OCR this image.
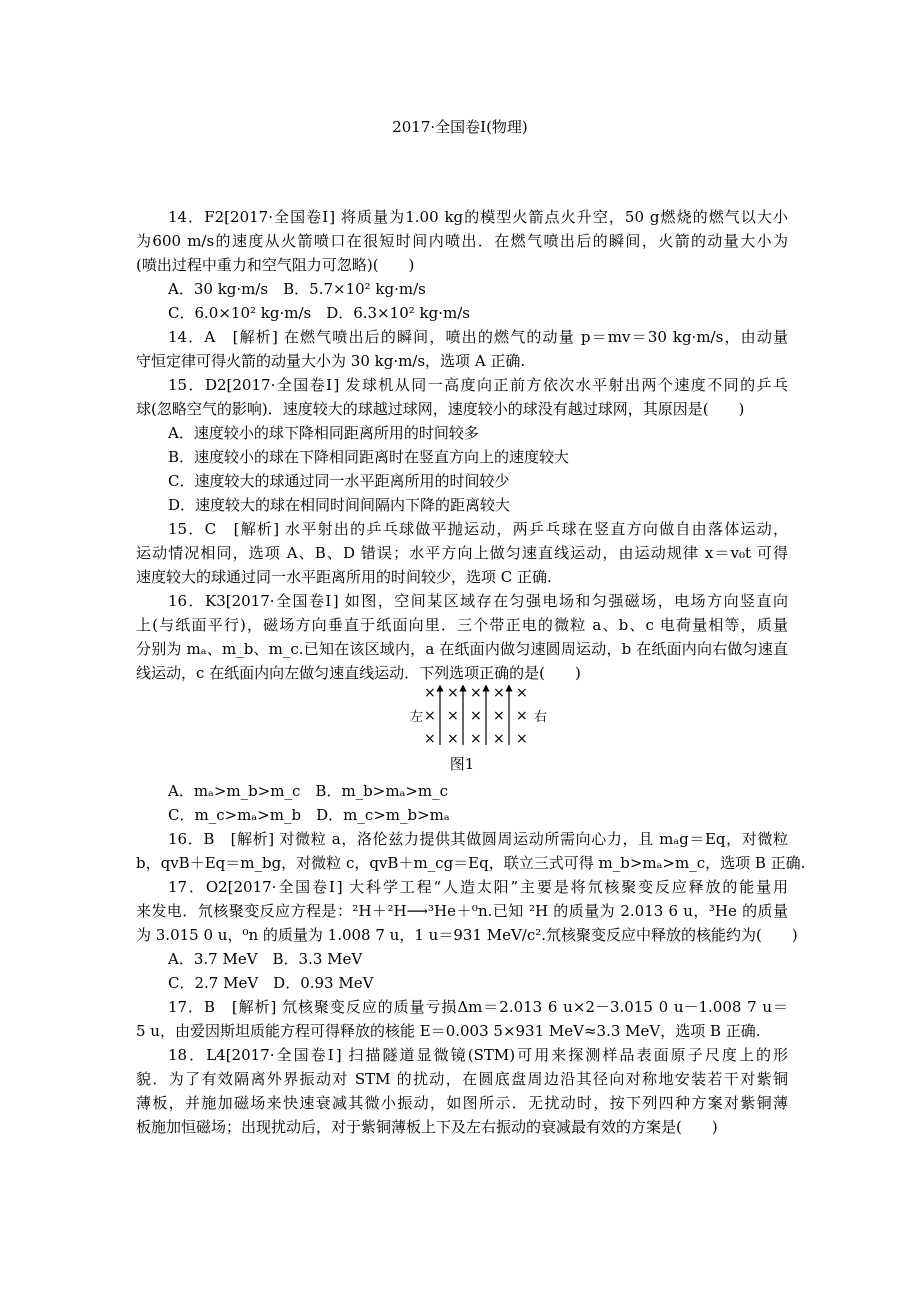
2017·全国卷Ⅰ(物理)
14．F2[2017·全国卷Ⅰ] 将质量为1.00 kg的模型火箭点火升空，50 g燃烧的燃气以大小
为600 m/s的速度从火箭喷口在很短时间内喷出．在燃气喷出后的瞬间，火箭的动量大小为
(喷出过程中重力和空气阻力可忽略)(　　)
A．30 kg·m/s　B．5.7×10² kg·m/s
C．6.0×10² kg·m/s　D．6.3×10² kg·m/s
14．A　[解析] 在燃气喷出后的瞬间，喷出的燃气的动量 p＝mv＝30 kg·m/s，由动量
守恒定律可得火箭的动量大小为 30 kg·m/s，选项 A 正确.
15．D2[2017·全国卷Ⅰ] 发球机从同一高度向正前方依次水平射出两个速度不同的乒乓
球(忽略空气的影响)．速度较大的球越过球网，速度较小的球没有越过球网，其原因是(　　)
A．速度较小的球下降相同距离所用的时间较多
B．速度较小的球在下降相同距离时在竖直方向上的速度较大
C．速度较大的球通过同一水平距离所用的时间较少
D．速度较大的球在相同时间间隔内下降的距离较大
15．C　[解析] 水平射出的乒乓球做平抛运动，两乒乓球在竖直方向做自由落体运动，
运动情况相同，选项 A、B、D 错误；水平方向上做匀速直线运动，由运动规律 x＝v₀t 可得
速度较大的球通过同一水平距离所用的时间较少，选项 C 正确.
16．K3[2017·全国卷Ⅰ] 如图，空间某区域存在匀强电场和匀强磁场，电场方向竖直向
上(与纸面平行)，磁场方向垂直于纸面向里．三个带正电的微粒 a、b、c 电荷量相等，质量
分别为 mₐ、m_b、m_c.已知在该区域内，a 在纸面内做匀速圆周运动，b 在纸面内向右做匀速直
线运动，c 在纸面内向左做匀速直线运动．下列选项正确的是(　　)
× × × × ×
× × × × ×
× × × × ×
左	右
图1
A．mₐ>m_b>m_c　B．m_b>mₐ>m_c
C．m_c>mₐ>m_b　D．m_c>m_b>mₐ
16．B　[解析] 对微粒 a，洛伦兹力提供其做圆周运动所需向心力，且 mₐg＝Eq，对微粒
b，qvB＋Eq＝m_bg，对微粒 c，qvB＋m_cg＝Eq，联立三式可得 m_b>mₐ>m_c，选项 B 正确.
17．O2[2017·全国卷Ⅰ] 大科学工程“人造太阳”主要是将氘核聚变反应释放的能量用
来发电．氘核聚变反应方程是：²H＋²H⟶³He＋⁰n.已知 ²H 的质量为 2.013 6 u，³He 的质量
为 3.015 0 u，⁰n 的质量为 1.008 7 u，1 u＝931 MeV/c².氘核聚变反应中释放的核能约为(　　)
A．3.7 MeV　B．3.3 MeV
C．2.7 MeV　D．0.93 MeV
17．B　[解析] 氘核聚变反应的质量亏损Δm＝2.013 6 u×2－3.015 0 u－1.008 7 u＝
5 u，由爱因斯坦质能方程可得释放的核能 E＝0.003 5×931 MeV≈3.3 MeV，选项 B 正确.
18．L4[2017·全国卷Ⅰ] 扫描隧道显微镜(STM)可用来探测样品表面原子尺度上的形
貌．为了有效隔离外界振动对 STM 的扰动，在圆底盘周边沿其径向对称地安装若干对紫铜
薄板，并施加磁场来快速衰减其微小振动，如图所示．无扰动时，按下列四种方案对紫铜薄
板施加恒磁场；出现扰动后，对于紫铜薄板上下及左右振动的衰减最有效的方案是(　　)
